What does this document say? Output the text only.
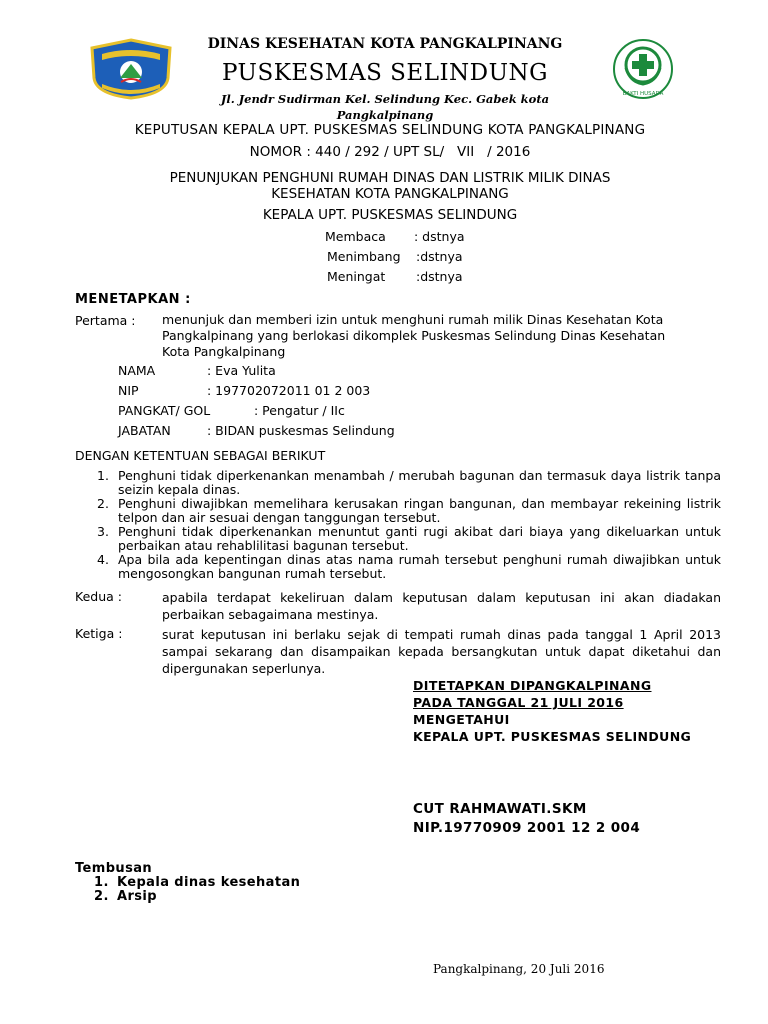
BAKTI HUSADA
DINAS KESEHATAN KOTA PANGKALPINANG
PUSKESMAS SELINDUNG
Jl. Jendr Sudirman Kel. Selindung Kec. Gabek kota
Pangkalpinang
KEPUTUSAN KEPALA UPT. PUSKESMAS SELINDUNG KOTA PANGKALPINANG
NOMOR : 440 / 292 / UPT SL/   VII   / 2016
PENUNJUKAN PENGHUNI RUMAH DINAS DAN LISTRIK MILIK DINAS
KESEHATAN KOTA PANGKALPINANG
KEPALA UPT. PUSKESMAS SELINDUNG
Membaca : dstnya
Menimbang :dstnya
Meningat :dstnya
MENETAPKAN :
Pertama : menunjuk dan memberi izin untuk menghuni rumah milik Dinas Kesehatan Kota
Pangkalpinang yang berlokasi dikomplek Puskesmas Selindung Dinas Kesehatan
Kota Pangkalpinang
NAMA	: Eva Yulita
NIP	: 197702072011 01 2 003
PANGKAT/ GOL	: Pengatur / IIc
JABATAN	: BIDAN puskesmas Selindung
DENGAN KETENTUAN SEBAGAI BERIKUT
1. Penghuni tidak diperkenankan menambah / merubah bagunan dan termasuk daya listrik tanpa seizin kepala dinas.
2. Penghuni diwajibkan memelihara kerusakan ringan bangunan, dan membayar rekeining listrik telpon dan air sesuai dengan tanggungan tersebut.
3. Penghuni tidak diperkenankan menuntut ganti rugi akibat dari biaya yang dikeluarkan untuk perbaikan atau rehablilitasi bagunan tersebut.
4. Apa bila ada kepentingan dinas atas nama rumah tersebut penghuni rumah diwajibkan untuk mengosongkan bangunan rumah tersebut.
Kedua :	apabila terdapat kekeliruan dalam keputusan dalam keputusan ini akan diadakan perbaikan sebagaimana mestinya.
Ketiga :	surat keputusan ini berlaku sejak di tempati rumah dinas pada tanggal 1 April 2013 sampai sekarang dan disampaikan kepada bersangkutan untuk dapat diketahui dan dipergunakan seperlunya.
DITETAPKAN DIPANGKALPINANG
PADA TANGGAL 21 JULI 2016
MENGETAHUI
KEPALA UPT. PUSKESMAS SELINDUNG
CUT RAHMAWATI.SKM
NIP.19770909 2001 12 2 004
Tembusan
1. Kepala dinas kesehatan
2. Arsip
Pangkalpinang, 20 Juli 2016
